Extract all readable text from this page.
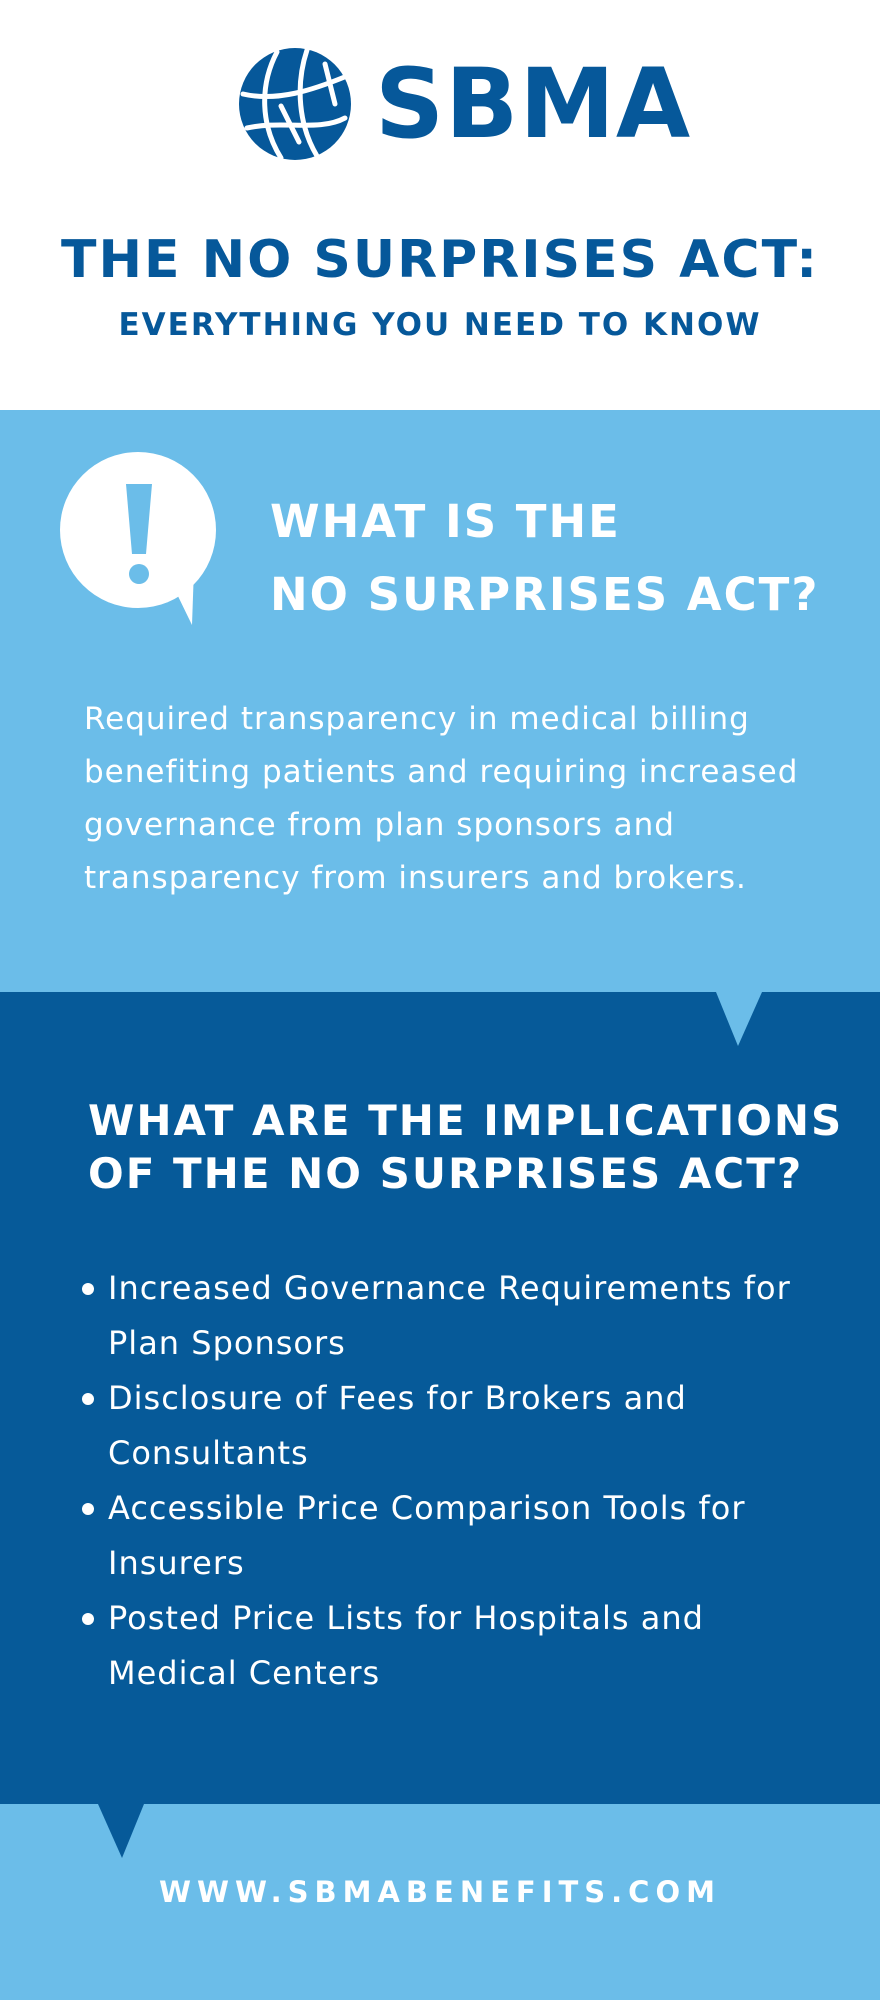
SBMA
THE NO SURPRISES ACT:
EVERYTHING YOU NEED TO KNOW
WHAT IS THE
NO SURPRISES ACT?

Required transparency in medical billing benefiting patients and requiring increased governance from plan sponsors and transparency from insurers and brokers.

WHAT ARE THE IMPLICATIONS
OF THE NO SURPRISES ACT?
Increased Governance Requirements for
Plan Sponsors
Disclosure of Fees for Brokers and
Consultants
Accessible Price Comparison Tools for
Insurers
Posted Price Lists for Hospitals and
Medical Centers
WWW.SBMABENEFITS.COM
